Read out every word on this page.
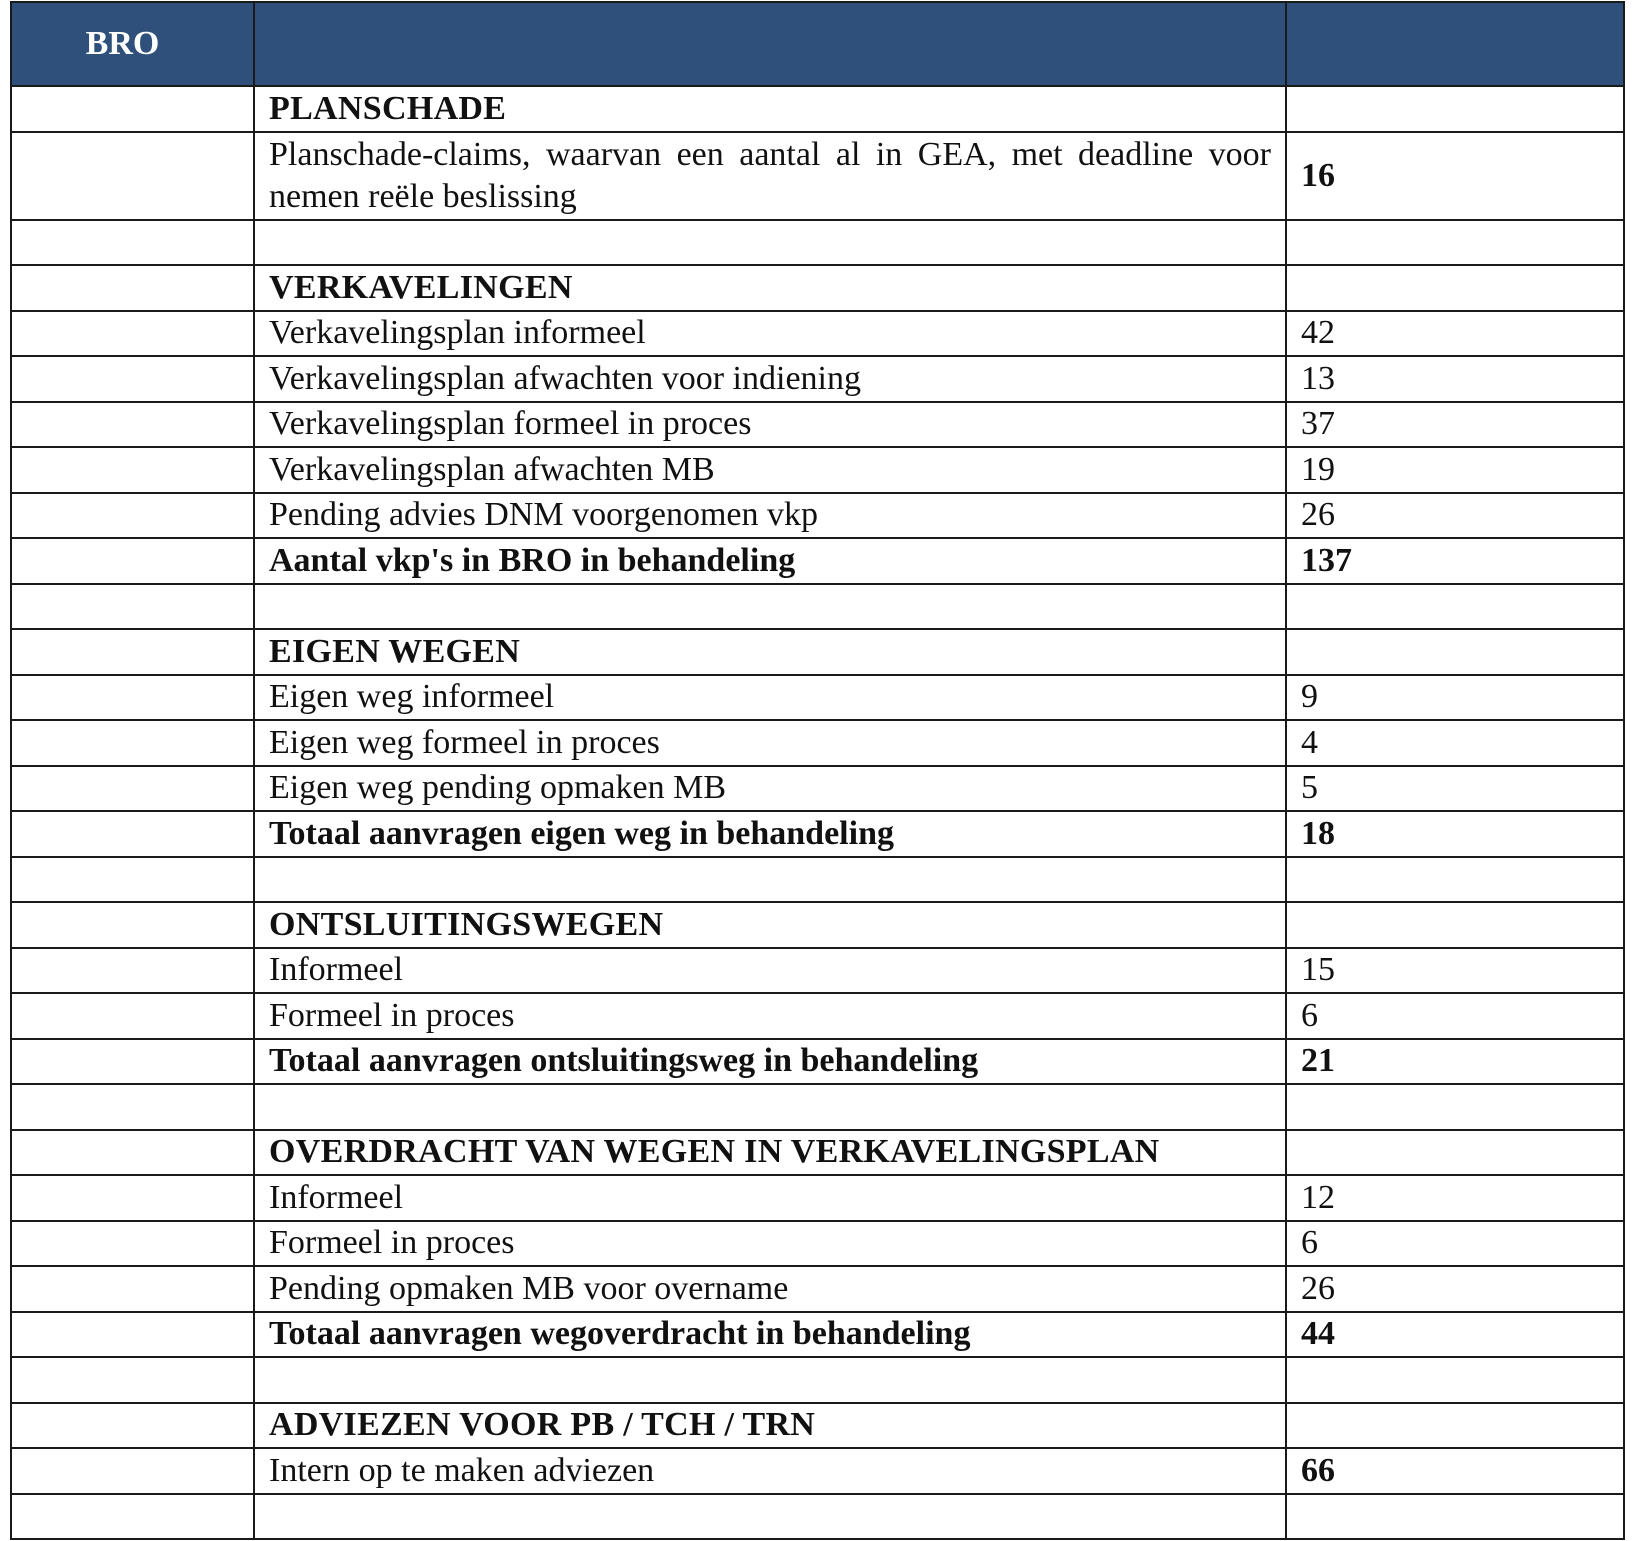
BRO		
	PLANSCHADE	
	Planschade-claims, waarvan een aantal al in GEA, met deadline voor nemen reële beslissing	16

	VERKAVELINGEN	
	Verkavelingsplan informeel	42
	Verkavelingsplan afwachten voor indiening	13
	Verkavelingsplan formeel in proces	37
	Verkavelingsplan afwachten MB	19
	Pending advies DNM voorgenomen vkp	26
	Aantal vkp's in BRO in behandeling	137

	EIGEN WEGEN	
	Eigen weg informeel	9
	Eigen weg formeel in proces	4
	Eigen weg pending opmaken MB	5
	Totaal aanvragen eigen weg in behandeling	18

	ONTSLUITINGSWEGEN	
	Informeel	15
	Formeel in proces	6
	Totaal aanvragen ontsluitingsweg in behandeling	21

	OVERDRACHT VAN WEGEN IN VERKAVELINGSPLAN	
	Informeel	12
	Formeel in proces	6
	Pending opmaken MB voor overname	26
	Totaal aanvragen wegoverdracht in behandeling	44

	ADVIEZEN VOOR PB / TCH / TRN	
	Intern op te maken adviezen	66
